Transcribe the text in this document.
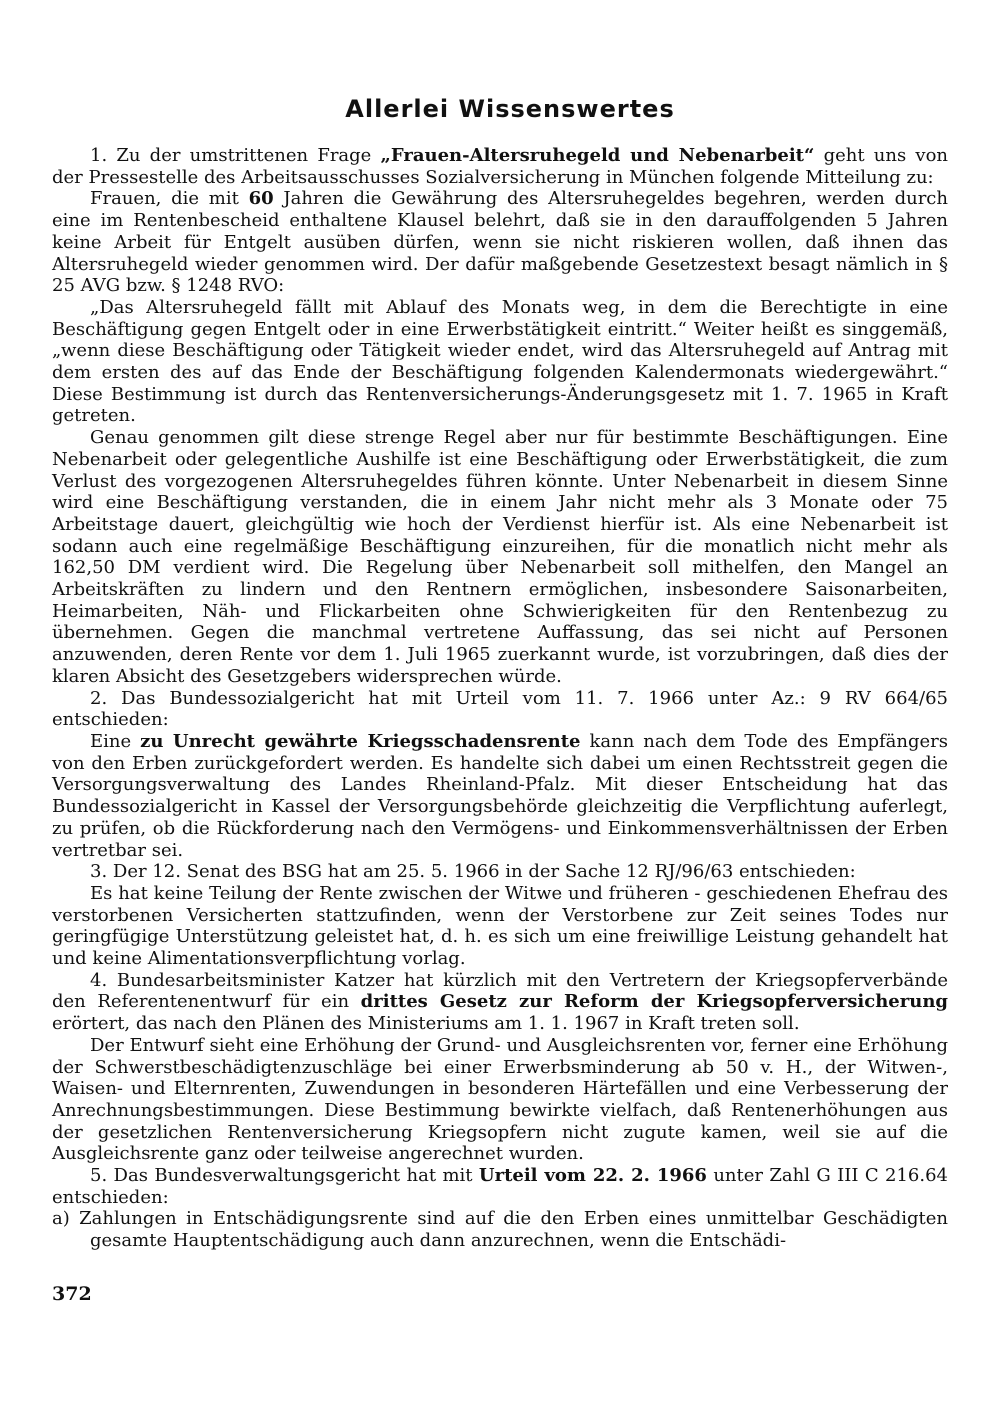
Allerlei Wissenswertes

1. Zu der umstrittenen Frage „Frauen-Altersruhegeld und Nebenarbeit“ geht uns von der Pressestelle des Arbeitsausschusses Sozialversicherung in München folgende Mitteilung zu:

Frauen, die mit 60 Jahren die Gewährung des Altersruhegeldes begehren, werden durch eine im Rentenbescheid enthaltene Klausel belehrt, daß sie in den darauffolgenden 5 Jahren keine Arbeit für Entgelt ausüben dürfen, wenn sie nicht riskieren wollen, daß ihnen das Altersruhegeld wieder genommen wird. Der dafür maßgebende Gesetzestext besagt nämlich in § 25 AVG bzw. § 1248 RVO:

„Das Altersruhegeld fällt mit Ablauf des Monats weg, in dem die Berechtigte in eine Beschäftigung gegen Entgelt oder in eine Erwerbstätigkeit eintritt.“ Weiter heißt es singgemäß, „wenn diese Beschäftigung oder Tätigkeit wieder endet, wird das Altersruhegeld auf Antrag mit dem ersten des auf das Ende der Beschäftigung folgenden Kalendermonats wiedergewährt.“ Diese Bestimmung ist durch das Rentenversicherungs-Änderungsgesetz mit 1. 7. 1965 in Kraft getreten.

Genau genommen gilt diese strenge Regel aber nur für bestimmte Beschäftigungen. Eine Nebenarbeit oder gelegentliche Aushilfe ist eine Beschäftigung oder Erwerbstätigkeit, die zum Verlust des vorgezogenen Altersruhegeldes führen könnte. Unter Nebenarbeit in diesem Sinne wird eine Beschäftigung verstanden, die in einem Jahr nicht mehr als 3 Monate oder 75 Arbeitstage dauert, gleichgültig wie hoch der Verdienst hierfür ist. Als eine Nebenarbeit ist sodann auch eine regelmäßige Beschäftigung einzureihen, für die monatlich nicht mehr als 162,50 DM verdient wird. Die Regelung über Nebenarbeit soll mithelfen, den Mangel an Arbeitskräften zu lindern und den Rentnern ermöglichen, insbesondere Saisonarbeiten, Heimarbeiten, Näh- und Flickarbeiten ohne Schwierigkeiten für den Rentenbezug zu übernehmen. Gegen die manchmal vertretene Auffassung, das sei nicht auf Personen anzuwenden, deren Rente vor dem 1. Juli 1965 zuerkannt wurde, ist vorzubringen, daß dies der klaren Absicht des Gesetzgebers widersprechen würde.

2. Das Bundessozialgericht hat mit Urteil vom 11. 7. 1966 unter Az.: 9 RV 664/65 entschieden:

Eine zu Unrecht gewährte Kriegsschadensrente kann nach dem Tode des Empfängers von den Erben zurückgefordert werden. Es handelte sich dabei um einen Rechtsstreit gegen die Versorgungsverwaltung des Landes Rheinland-Pfalz. Mit dieser Entscheidung hat das Bundessozialgericht in Kassel der Versorgungsbehörde gleichzeitig die Verpflichtung auferlegt, zu prüfen, ob die Rückforderung nach den Vermögens- und Einkommensverhältnissen der Erben vertretbar sei.

3. Der 12. Senat des BSG hat am 25. 5. 1966 in der Sache 12 RJ/96/63 entschieden:

Es hat keine Teilung der Rente zwischen der Witwe und früheren - geschiedenen Ehefrau des verstorbenen Versicherten stattzufinden, wenn der Verstorbene zur Zeit seines Todes nur geringfügige Unterstützung geleistet hat, d. h. es sich um eine freiwillige Leistung gehandelt hat und keine Alimentationsverpflichtung vorlag.

4. Bundesarbeitsminister Katzer hat kürzlich mit den Vertretern der Kriegsopferverbände den Referentenentwurf für ein drittes Gesetz zur Reform der Kriegsopferversicherung erörtert, das nach den Plänen des Ministeriums am 1. 1. 1967 in Kraft treten soll.

Der Entwurf sieht eine Erhöhung der Grund- und Ausgleichsrenten vor, ferner eine Erhöhung der Schwerstbeschädigtenzuschläge bei einer Erwerbsminderung ab 50 v. H., der Witwen-, Waisen- und Elternrenten, Zuwendungen in besonderen Härtefällen und eine Verbesserung der Anrechnungsbestimmungen. Diese Bestimmung bewirkte vielfach, daß Rentenerhöhungen aus der gesetzlichen Rentenversicherung Kriegsopfern nicht zugute kamen, weil sie auf die Ausgleichsrente ganz oder teilweise angerechnet wurden.

5. Das Bundesverwaltungsgericht hat mit Urteil vom 22. 2. 1966 unter Zahl G III C 216.64 entschieden:

a) Zahlungen in Entschädigungsrente sind auf die den Erben eines unmittelbar Geschädigten gesamte Hauptentschädigung auch dann anzurechnen, wenn die Entschädi-

372
